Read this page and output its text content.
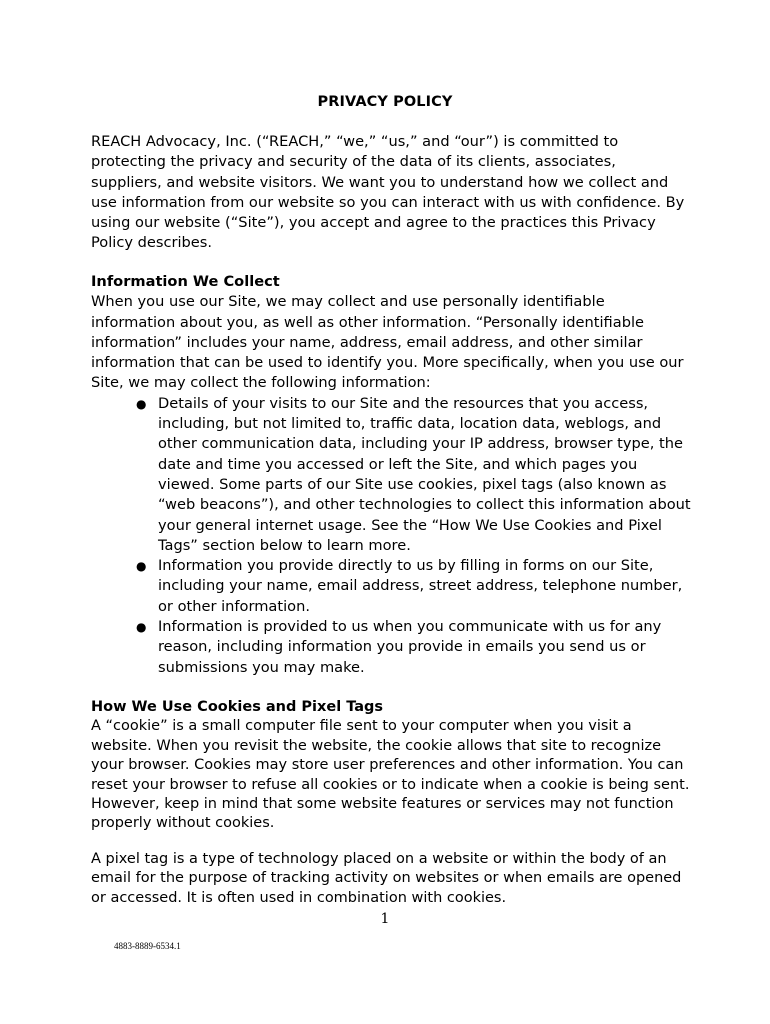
PRIVACY POLICY

REACH Advocacy, Inc. (“REACH,” “we,” “us,” and “our”) is committed to protecting the privacy and security of the data of its clients, associates, suppliers, and website visitors. We want you to understand how we collect and use information from our website so you can interact with us with confidence. By using our website (“Site”), you accept and agree to the practices this Privacy Policy describes.

Information We Collect

When you use our Site, we may collect and use personally identifiable information about you, as well as other information. “Personally identifiable information” includes your name, address, email address, and other similar information that can be used to identify you. More specifically, when you use our Site, we may collect the following information:

● Details of your visits to our Site and the resources that you access, including, but not limited to, traffic data, location data, weblogs, and other communication data, including your IP address, browser type, the date and time you accessed or left the Site, and which pages you viewed. Some parts of our Site use cookies, pixel tags (also known as “web beacons”), and other technologies to collect this information about your general internet usage. See the “How We Use Cookies and Pixel Tags” section below to learn more.
● Information you provide directly to us by filling in forms on our Site, including your name, email address, street address, telephone number, or other information.
● Information is provided to us when you communicate with us for any reason, including information you provide in emails you send us or submissions you may make.

How We Use Cookies and Pixel Tags

A “cookie” is a small computer file sent to your computer when you visit a website. When you revisit the website, the cookie allows that site to recognize your browser. Cookies may store user preferences and other information. You can reset your browser to refuse all cookies or to indicate when a cookie is being sent. However, keep in mind that some website features or services may not function properly without cookies.

A pixel tag is a type of technology placed on a website or within the body of an email for the purpose of tracking activity on websites or when emails are opened or accessed. It is often used in combination with cookies.

1
4883-8889-6534.1
